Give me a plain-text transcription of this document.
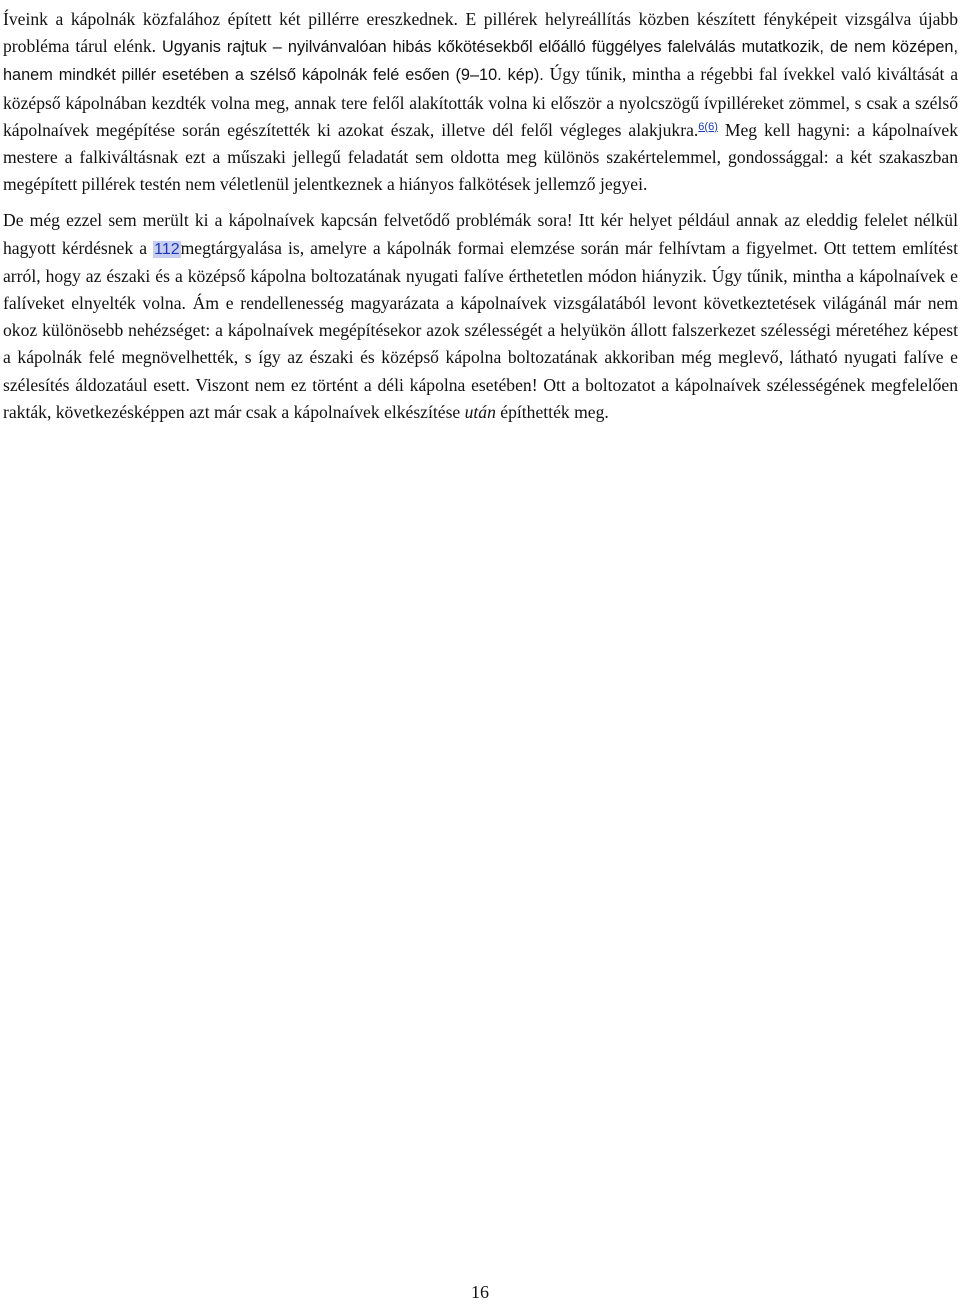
Íveink a kápolnák közfalához épített két pillérre ereszkednek. E pillérek helyreállítás közben készített fényképeit vizsgálva újabb probléma tárul elénk. Ugyanis rajtuk – nyilvánvalóan hibás kőkötésekből előálló függélyes falelválás mutatkozik, de nem középen, hanem mindkét pillér esetében a szélső kápolnák felé esően (9–10. kép). Úgy tűnik, mintha a régebbi fal ívekkel való kiváltását a középső kápolnában kezdték volna meg, annak tere felől alakították volna ki először a nyolcszögű ívpilléreket zömmel, s csak a szélső kápolnaívek megépítése során egészítették ki azokat észak, illetve dél felől végleges alakjukra.$^{6(6)}$ Meg kell hagyni: a kápolnaívek mestere a falkiváltásnak ezt a műszaki jellegű feladatát sem oldotta meg különös szakértelemmel, gondossággal: a két szakaszban megépített pillérek testén nem véletlenül jelentkeznek a hiányos falkötések jellemző jegyei.

De még ezzel sem merült ki a kápolnaívek kapcsán felvetődő problémák sora! Itt kér helyet például annak az eleddig felelet nélkül hagyott kérdésnek a 112megtárgyalása is, amelyre a kápolnák formai elemzése során már felhívtam a figyelmet. Ott tettem említést arról, hogy az északi és a középső kápolna boltozatának nyugati falíve érthetetlen módon hiányzik. Úgy tűnik, mintha a kápolnaívek e falíveket elnyelték volna. Ám e rendellenesség magyarázata a kápolnaívek vizsgálatából levont következtetések világánál már nem okoz különösebb nehézséget: a kápolnaívek megépítésekor azok szélességét a helyükön állott falszerkezet szélességi méretéhez képest a kápolnák felé megnövelhették, s így az északi és középső kápolna boltozatának akkoriban még meglevő, látható nyugati falíve e szélesítés áldozatául esett. Viszont nem ez történt a déli kápolna esetében! Ott a boltozatot a kápolnaívek szélességének megfelelően rakták, következésképpen azt már csak a kápolnaívek elkészítése után építhették meg.

16
